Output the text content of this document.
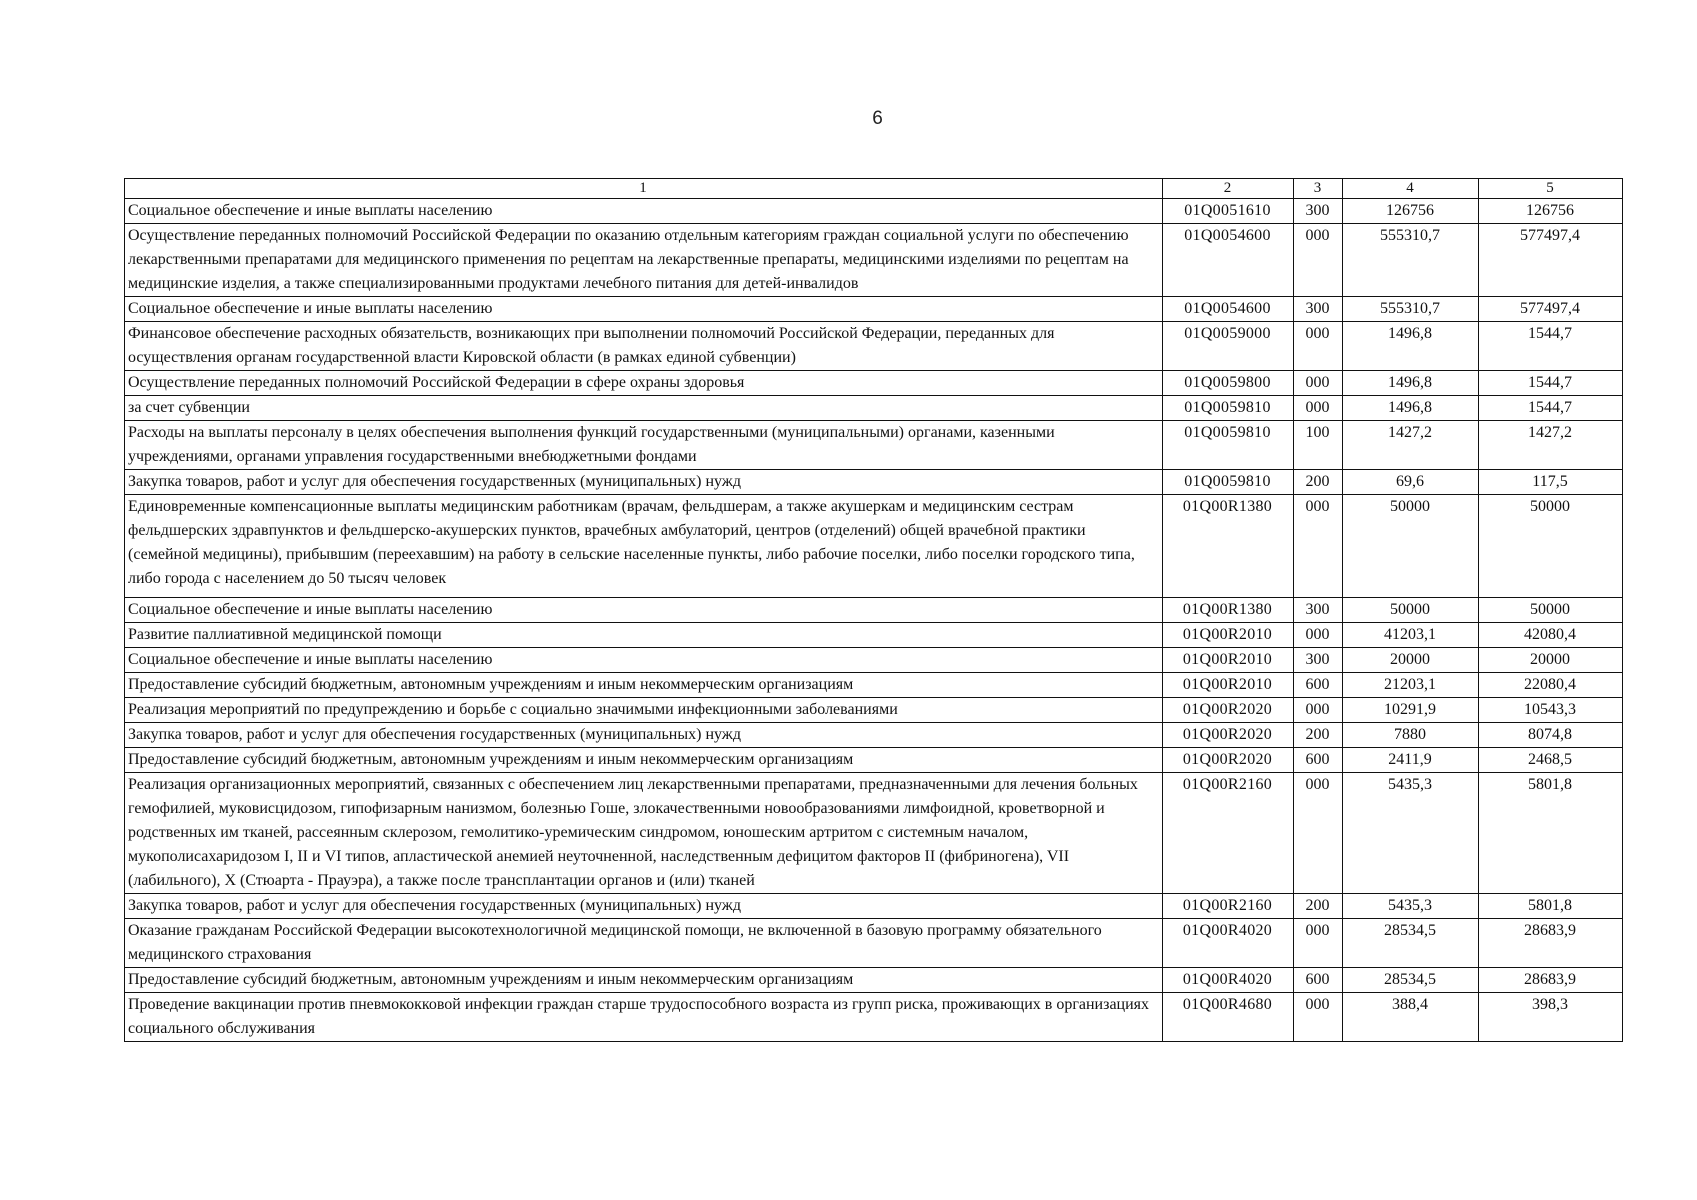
6
1	2	3	4	5
Социальное обеспечение и иные выплаты населению	01Q0051610	300	126756	126756
Осуществление переданных полномочий Российской Федерации по оказанию отдельным категориям граждан социальной услуги по обеспечению лекарственными препаратами для медицинского применения по рецептам на лекарственные препараты, медицинскими изделиями по рецептам на медицинские изделия, а также специализированными продуктами лечебного питания для детей-инвалидов	01Q0054600	000	555310,7	577497,4
Социальное обеспечение и иные выплаты населению	01Q0054600	300	555310,7	577497,4
Финансовое обеспечение расходных обязательств, возникающих при выполнении полномочий Российской Федерации, переданных для осуществления органам государственной власти Кировской области (в рамках единой субвенции)	01Q0059000	000	1496,8	1544,7
Осуществление переданных полномочий Российской Федерации в сфере охраны здоровья	01Q0059800	000	1496,8	1544,7
за счет субвенции	01Q0059810	000	1496,8	1544,7
Расходы на выплаты персоналу в целях обеспечения выполнения функций государственными (муниципальными) органами, казенными учреждениями, органами управления государственными внебюджетными фондами	01Q0059810	100	1427,2	1427,2
Закупка товаров, работ и услуг для обеспечения государственных (муниципальных) нужд	01Q0059810	200	69,6	117,5
Единовременные компенсационные выплаты медицинским работникам (врачам, фельдшерам, а также акушеркам и медицинским сестрам фельдшерских здравпунктов и фельдшерско-акушерских пунктов, врачебных амбулаторий, центров (отделений) общей врачебной практики (семейной медицины), прибывшим (переехавшим) на работу в сельские населенные пункты, либо рабочие поселки, либо поселки городского типа, либо города с населением до 50 тысяч человек	01Q00R1380	000	50000	50000
Социальное обеспечение и иные выплаты населению	01Q00R1380	300	50000	50000
Развитие паллиативной медицинской помощи	01Q00R2010	000	41203,1	42080,4
Социальное обеспечение и иные выплаты населению	01Q00R2010	300	20000	20000
Предоставление субсидий бюджетным, автономным учреждениям и иным некоммерческим организациям	01Q00R2010	600	21203,1	22080,4
Реализация мероприятий по предупреждению и борьбе с социально значимыми инфекционными заболеваниями	01Q00R2020	000	10291,9	10543,3
Закупка товаров, работ и услуг для обеспечения государственных (муниципальных) нужд	01Q00R2020	200	7880	8074,8
Предоставление субсидий бюджетным, автономным учреждениям и иным некоммерческим организациям	01Q00R2020	600	2411,9	2468,5
Реализация организационных мероприятий, связанных с обеспечением лиц лекарственными препаратами, предназначенными для лечения больных гемофилией, муковисцидозом, гипофизарным нанизмом, болезнью Гоше, злокачественными новообразованиями лимфоидной, кроветворной и родственных им тканей, рассеянным склерозом, гемолитико-уремическим синдромом, юношеским артритом с системным началом, мукополисахаридозом I, II и VI типов, апластической анемией неуточненной, наследственным дефицитом факторов II (фибриногена), VII (лабильного), X (Стюарта - Прауэра), а также после трансплантации органов и (или) тканей	01Q00R2160	000	5435,3	5801,8
Закупка товаров, работ и услуг для обеспечения государственных (муниципальных) нужд	01Q00R2160	200	5435,3	5801,8
Оказание гражданам Российской Федерации высокотехнологичной медицинской помощи, не включенной в базовую программу обязательного медицинского страхования	01Q00R4020	000	28534,5	28683,9
Предоставление субсидий бюджетным, автономным учреждениям и иным некоммерческим организациям	01Q00R4020	600	28534,5	28683,9
Проведение вакцинации против пневмококковой инфекции граждан старше трудоспособного возраста из групп риска, проживающих в организациях социального обслуживания	01Q00R4680	000	388,4	398,3
